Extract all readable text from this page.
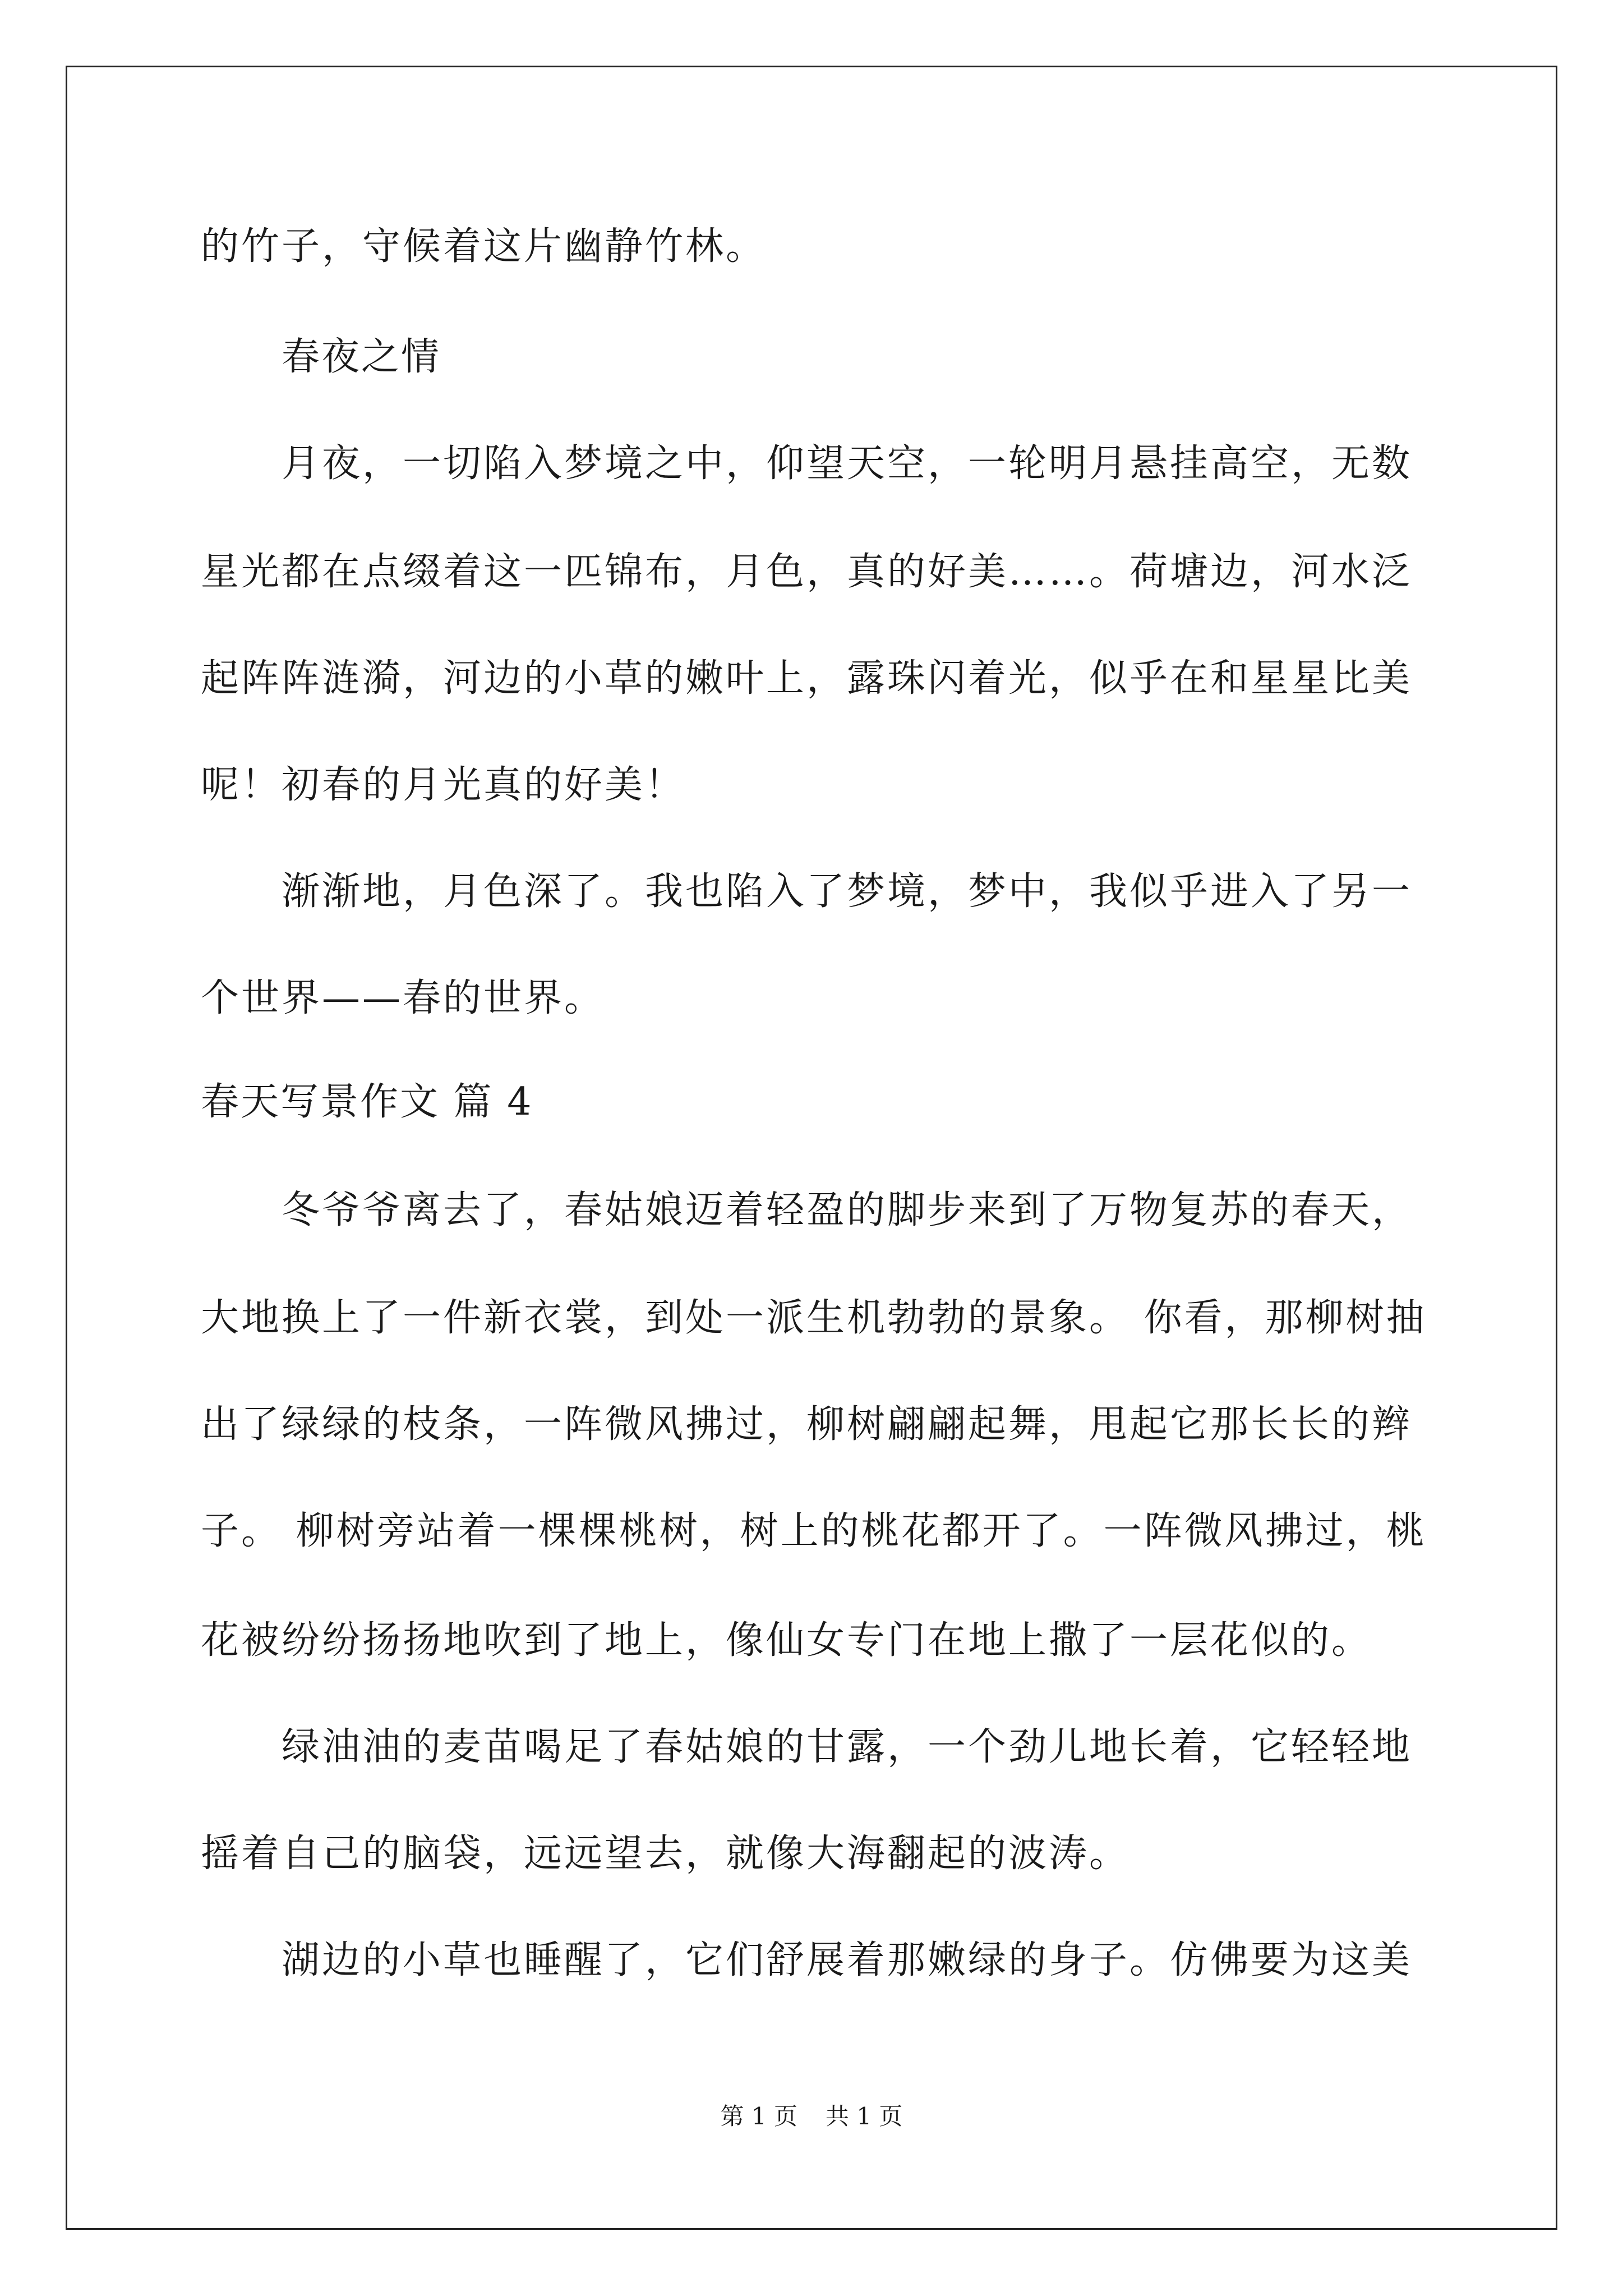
的竹子，守候着这片幽静竹林。
春夜之情
月夜，一切陷入梦境之中，仰望天空，一轮明月悬挂高空，无数
星光都在点缀着这一匹锦布，月色，真的好美……。荷塘边，河水泛
起阵阵涟漪，河边的小草的嫩叶上，露珠闪着光，似乎在和星星比美
呢！初春的月光真的好美！
渐渐地，月色深了。我也陷入了梦境，梦中，我似乎进入了另一
个世界——春的世界。
春天写景作文 篇 4
冬爷爷离去了，春姑娘迈着轻盈的脚步来到了万物复苏的春天，
大地换上了一件新衣裳，到处一派生机勃勃的景象。 你看，那柳树抽
出了绿绿的枝条，一阵微风拂过，柳树翩翩起舞，甩起它那长长的辫
子。 柳树旁站着一棵棵桃树，树上的桃花都开了。一阵微风拂过，桃
花被纷纷扬扬地吹到了地上，像仙女专门在地上撒了一层花似的。
绿油油的麦苗喝足了春姑娘的甘露，一个劲儿地长着，它轻轻地
摇着自己的脑袋，远远望去，就像大海翻起的波涛。
湖边的小草也睡醒了，它们舒展着那嫩绿的身子。仿佛要为这美
第 1 页 共 1 页
